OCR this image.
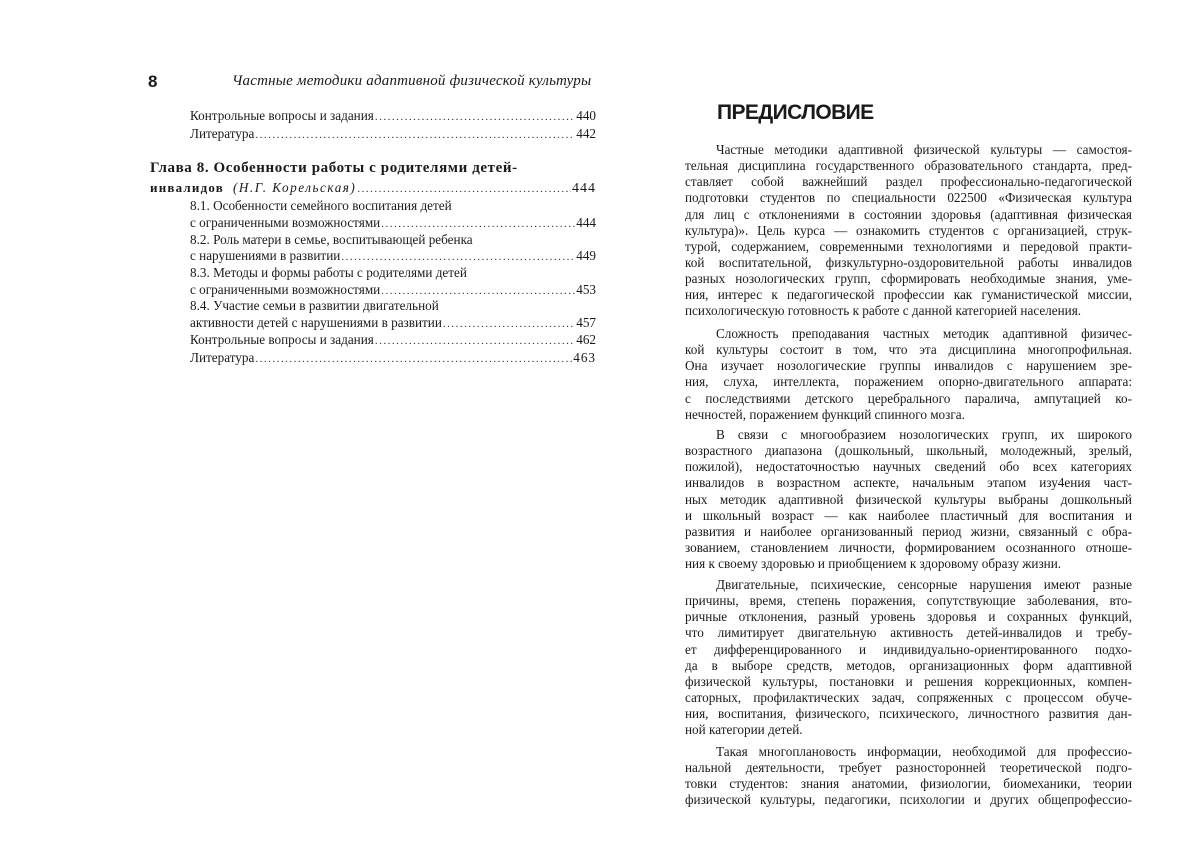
8	Частные методики адаптивной физической культуры
Контрольные вопросы и задания
.....	440
Литература
.....	442
Глава 8. Особенности работы с родителями детей-
инвалидов (Н.Г. Корельская)
.....	444
8.1. Особенности семейного воспитания детей
с ограниченными возможностями
.....	444
8.2. Роль матери в семье, воспитывающей ребенка
с нарушениями в развитии
.....	449
8.3. Методы и формы работы с родителями детей
с ограниченными возможностями
.....	453
8.4. Участие семьи в развитии двигательной
активности детей с нарушениями в развитии
.....	457
Контрольные вопросы и задания
.....	462
Литература
.....	463
ПРЕДИСЛОВИЕ
Частные методики адаптивной физической культуры — самостоя-
тельная дисциплина государственного образовательного стандарта, пред-
ставляет собой важнейший раздел профессионально-педагогической
подготовки студентов по специальности 022500 «Физическая культура
для лиц с отклонениями в состоянии здоровья (адаптивная физическая
культура)». Цель курса — ознакомить студентов с организацией, струк-
турой, содержанием, современными технологиями и передовой практи-
кой воспитательной, физкультурно-оздоровительной работы инвалидов
разных нозологических групп, сформировать необходимые знания, уме-
ния, интерес к педагогической профессии как гуманистической миссии,
психологическую готовность к работе с данной категорией населения.
Сложность преподавания частных методик адаптивной физичес-
кой культуры состоит в том, что эта дисциплина многопрофильная.
Она изучает нозологические группы инвалидов с нарушением зре-
ния, слуха, интеллекта, поражением опорно-двигательного аппарата:
с последствиями детского церебрального паралича, ампутацией ко-
нечностей, поражением функций спинного мозга.
В связи с многообразием нозологических групп, их широкого
возрастного диапазона (дошкольный, школьный, молодежный, зрелый,
пожилой), недостаточностью научных сведений обо всех категориях
инвалидов в возрастном аспекте, начальным этапом изу4ения част-
ных методик адаптивной физической культуры выбраны дошкольный
и школьный возраст — как наиболее пластичный для воспитания и
развития и наиболее организованный период жизни, связанный с обра-
зованием, становлением личности, формированием осознанного отноше-
ния к своему здоровью и приобщением к здоровому образу жизни.
Двигательные, психические, сенсорные нарушения имеют разные
причины, время, степень поражения, сопутствующие заболевания, вто-
ричные отклонения, разный уровень здоровья и сохранных функций,
что лимитирует двигательную активность детей-инвалидов и требу-
ет дифференцированного и индивидуально-ориентированного подхо-
да в выборе средств, методов, организационных форм адаптивной
физической культуры, постановки и решения коррекционных, компен-
саторных, профилактических задач, сопряженных с процессом обуче-
ния, воспитания, физического, психического, личностного развития дан-
ной категории детей.
Такая многоплановость информации, необходимой для профессио-
нальной деятельности, требует разносторонней теоретической подго-
товки студентов: знания анатомии, физиологии, биомеханики, теории
физической культуры, педагогики, психологии и других общепрофессио-
